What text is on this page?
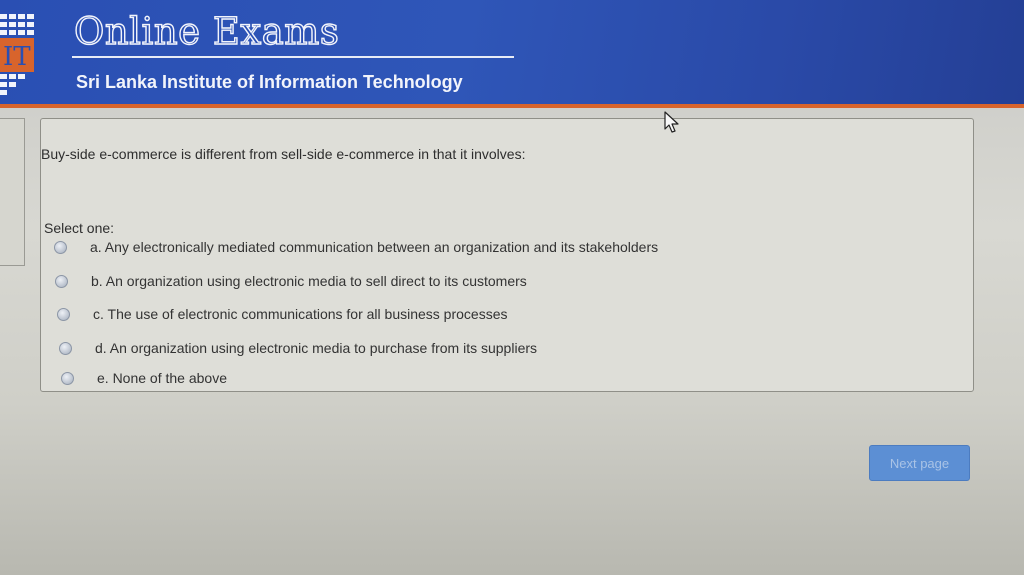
IT
Online Exams

Sri Lanka Institute of Information Technology

Buy-side e-commerce is different from sell-side e-commerce in that it involves:

Select one:

a. Any electronically mediated communication between an organization and its stakeholders
b. An organization using electronic media to sell direct to its customers
c. The use of electronic communications for all business processes
d. An organization using electronic media to purchase from its suppliers
e. None of the above
Next page
